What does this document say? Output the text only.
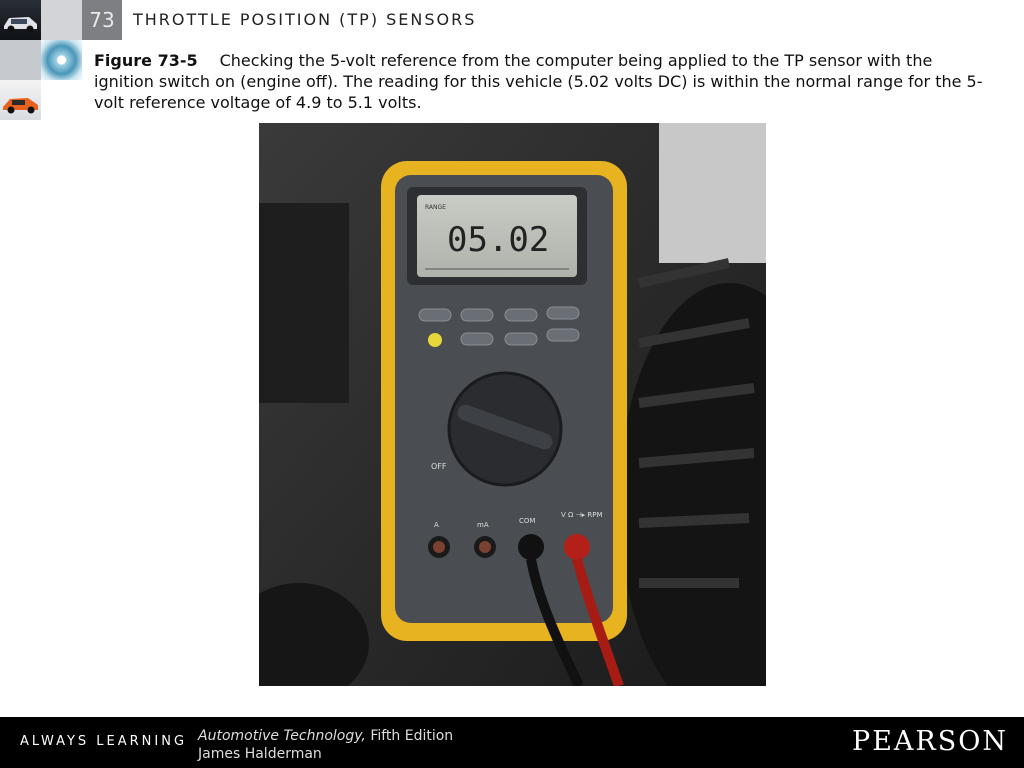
73	THROTTLE POSITION (TP) SENSORS
Figure 73-5 Checking the 5-volt reference from the computer being applied to the TP sensor with the ignition switch on (engine off). The reading for this vehicle (5.02 volts DC) is within the normal range for the 5-volt reference voltage of 4.9 to 5.1 volts.
RANGE
05.02
OFF
A	mA	COM
V Ω ⊣▸ RPM
ALWAYS LEARNING Automotive Technology, Fifth Edition
James Halderman	PEARSON
